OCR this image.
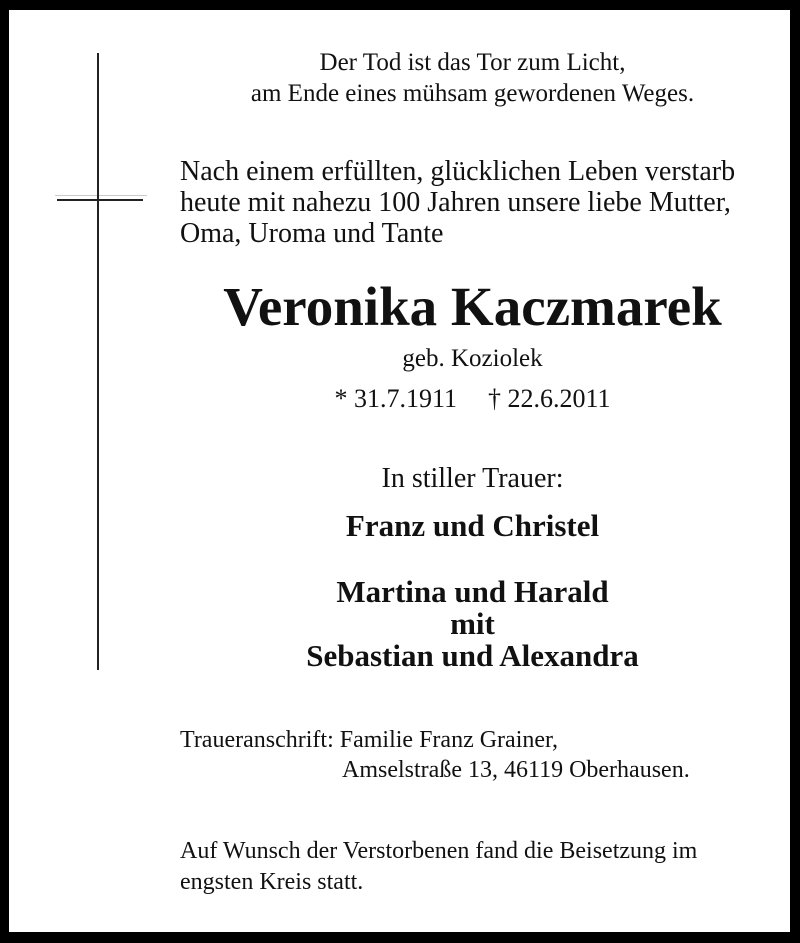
Der Tod ist das Tor zum Licht,
am Ende eines mühsam gewordenen Weges.
Nach einem erfüllten, glücklichen Leben verstarb
heute mit nahezu 100 Jahren unsere liebe Mutter,
Oma, Uroma und Tante
Veronika Kaczmarek
geb. Koziolek
* 31.7.1911 † 22.6.2011
In stiller Trauer:
Franz und Christel
Martina und Harald
mit
Sebastian und Alexandra
Traueranschrift: Familie Franz Grainer,
Amselstraße 13, 46119 Oberhausen.
Auf Wunsch der Verstorbenen fand die Beisetzung im
engsten Kreis statt.
